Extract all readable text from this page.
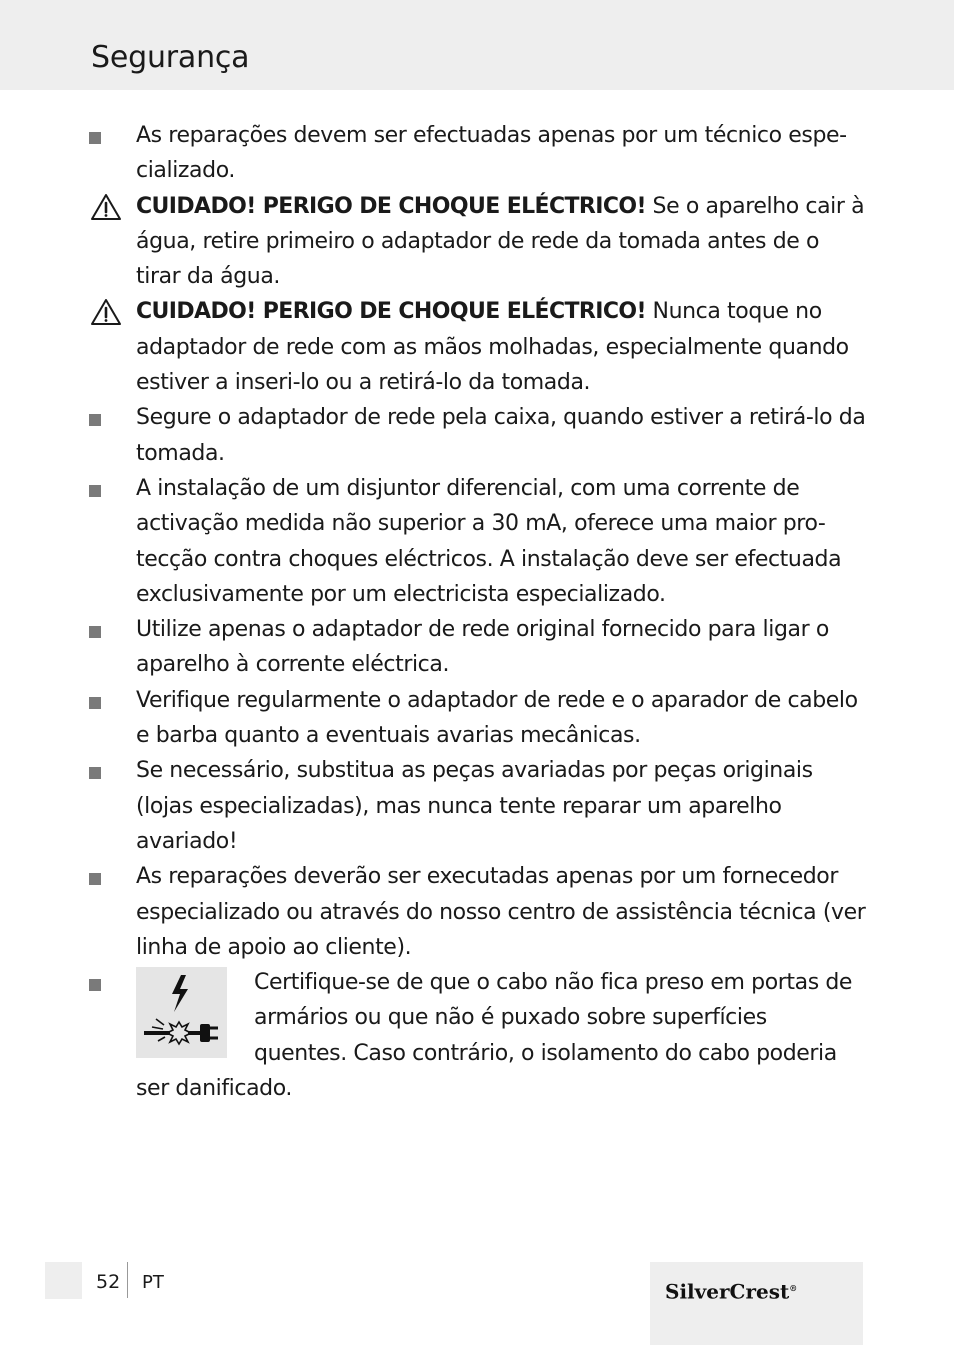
Segurança
As reparações devem ser efectuadas apenas por um técnico espe-
cializado.
CUIDADO! PERIGO DE CHOQUE ELÉCTRICO! Se o aparelho cair à água, retire primeiro o adaptador de rede da tomada antes de o tirar da água.
CUIDADO! PERIGO DE CHOQUE ELÉCTRICO! Nunca toque no adaptador de rede com as mãos molhadas, especialmente quando estiver a inseri-lo ou a retirá-lo da tomada.
Segure o adaptador de rede pela caixa, quando estiver a retirá-lo da tomada.
A instalação de um disjuntor diferencial, com uma corrente de activação medida não superior a 30 mA, oferece uma maior pro-
tecção contra choques eléctricos. A instalação deve ser efectuada exclusivamente por um electricista especializado.
Utilize apenas o adaptador de rede original fornecido para ligar o aparelho à corrente eléctrica.
Verifique regularmente o adaptador de rede e o aparador de cabelo e barba quanto a eventuais avarias mecânicas.
Se necessário, substitua as peças avariadas por peças originais (lojas especializadas), mas nunca tente reparar um aparelho avariado!
As reparações deverão ser executadas apenas por um fornecedor especializado ou através do nosso centro de assistência técnica (ver linha de apoio ao cliente).
Certifique-se de que o cabo não fica preso em portas de armários ou que não é puxado sobre superfícies quentes. Caso contrário, o isolamento do cabo poderia ser danificado.
52 PT	SilverCrest®
